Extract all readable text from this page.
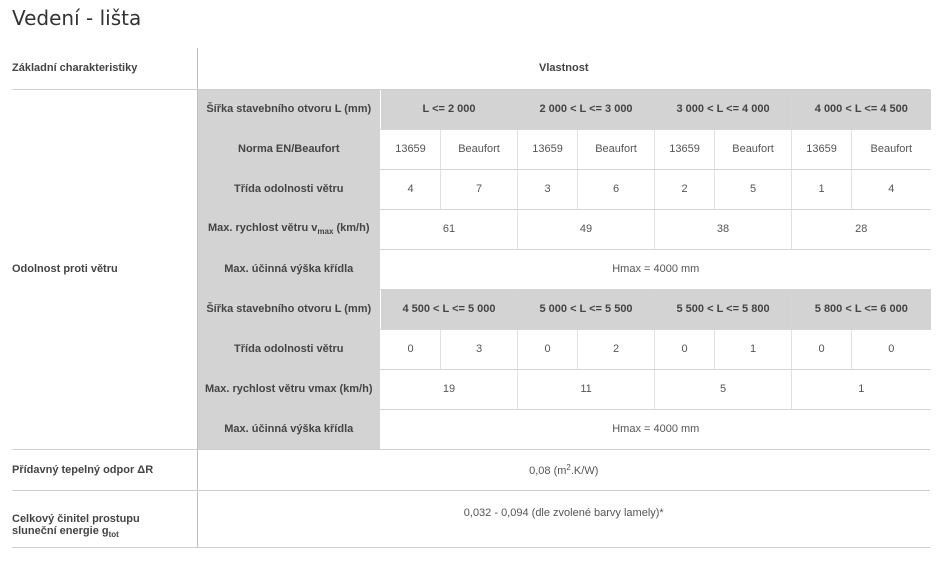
Vedení - lišta
Základní charakteristiky	Vlastnost
Odolnost proti větru	
Šířka stavebního otvoru L (mm)	L <= 2 000	2 000 < L <= 3 000	3 000 < L <= 4 000	4 000 < L <= 4 500
Norma EN/Beaufort	13659	Beaufort	13659	Beaufort	13659	Beaufort	13659	Beaufort
Třída odolnosti větru	4	7	3	6	2	5	1	4
Max. rychlost větru $v_{max}$ (km/h)	61	49	38	28
Max. účinná výška křídla	Hmax = 4000 mm
Šířka stavebního otvoru L (mm)	4 500 < L <= 5 000	5 000 < L <= 5 500	5 500 < L <= 5 800	5 800 < L <= 6 000
Třída odolnosti větru	0	3	0	2	0	1	0	0
Max. rychlost větru vmax (km/h)	19	11	5	1
Max. účinná výška křídla	Hmax = 4000 mm

Přídavný tepelný odpor ΔR	0,08 $(m^2.K/W)$
Celkový činitel prostupu
sluneční energie $g_{tot}$	0,032 - 0,094 (dle zvolené barvy lamely)*
